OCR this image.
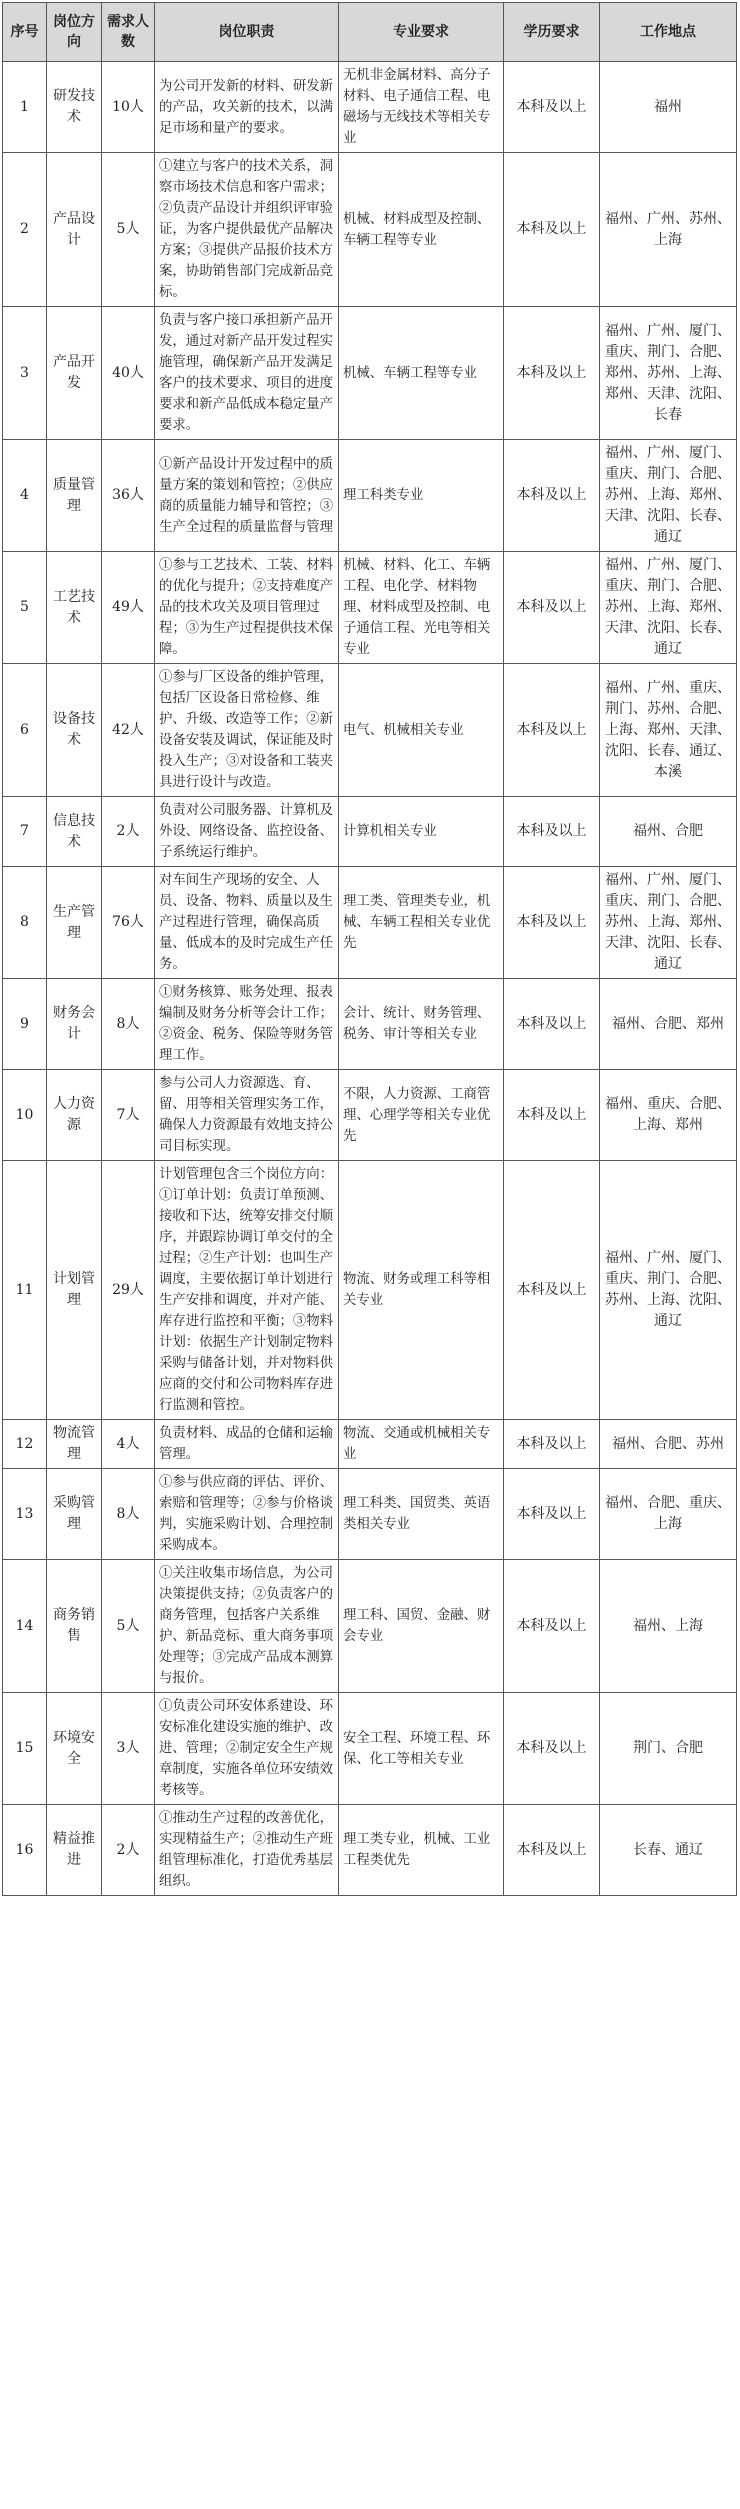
序号	岗位方向	需求人数	岗位职责	专业要求	学历要求	工作地点
1	研发技术	10人	为公司开发新的材料、研发新的产品，攻关新的技术，以满足市场和量产的要求。	无机非金属材料、高分子材料、电子通信工程、电磁场与无线技术等相关专业	本科及以上	福州
2	产品设计	5人	①建立与客户的技术关系，洞察市场技术信息和客户需求；②负责产品设计并组织评审验证，为客户提供最优产品解决方案；③提供产品报价技术方案，协助销售部门完成新品竞标。	机械、材料成型及控制、车辆工程等专业	本科及以上	福州、广州、苏州、上海
3	产品开发	40人	负责与客户接口承担新产品开发，通过对新产品开发过程实施管理，确保新产品开发满足客户的技术要求、项目的进度要求和新产品低成本稳定量产要求。	机械、车辆工程等专业	本科及以上	福州、广州、厦门、重庆、荆门、合肥、郑州、苏州、上海、郑州、天津、沈阳、长春
4	质量管理	36人	①新产品设计开发过程中的质量方案的策划和管控；②供应商的质量能力辅导和管控；③生产全过程的质量监督与管理	理工科类专业	本科及以上	福州、广州、厦门、重庆、荆门、合肥、苏州、上海、郑州、天津、沈阳、长春、通辽
5	工艺技术	49人	①参与工艺技术、工装、材料的优化与提升；②支持难度产品的技术攻关及项目管理过程；③为生产过程提供技术保障。	机械、材料、化工、车辆工程、电化学、材料物理、材料成型及控制、电子通信工程、光电等相关专业	本科及以上	福州、广州、厦门、重庆、荆门、合肥、苏州、上海、郑州、天津、沈阳、长春、通辽
6	设备技术	42人	①参与厂区设备的维护管理，包括厂区设备日常检修、维护、升级、改造等工作；②新设备安装及调试，保证能及时投入生产；③对设备和工装夹具进行设计与改造。	电气、机械相关专业	本科及以上	福州、广州、重庆、荆门、苏州、合肥、上海、郑州、天津、沈阳、长春、通辽、本溪
7	信息技术	2人	负责对公司服务器、计算机及外设、网络设备、监控设备、子系统运行维护。	计算机相关专业	本科及以上	福州、合肥
8	生产管理	76人	对车间生产现场的安全、人员、设备、物料、质量以及生产过程进行管理，确保高质量、低成本的及时完成生产任务。	理工类、管理类专业，机械、车辆工程相关专业优先	本科及以上	福州、广州、厦门、重庆、荆门、合肥、苏州、上海、郑州、天津、沈阳、长春、通辽
9	财务会计	8人	①财务核算、账务处理、报表编制及财务分析等会计工作；②资金、税务、保险等财务管理工作。	会计、统计、财务管理、税务、审计等相关专业	本科及以上	福州、合肥、郑州
10	人力资源	7人	参与公司人力资源选、育、留、用等相关管理实务工作，确保人力资源最有效地支持公司目标实现。	不限，人力资源、工商管理、心理学等相关专业优先	本科及以上	福州、重庆、合肥、上海、郑州
11	计划管理	29人	计划管理包含三个岗位方向：①订单计划：负责订单预测、接收和下达，统筹安排交付顺序，并跟踪协调订单交付的全过程；②生产计划：也叫生产调度，主要依据订单计划进行生产安排和调度，并对产能、库存进行监控和平衡；③物料计划：依据生产计划制定物料采购与储备计划，并对物料供应商的交付和公司物料库存进行监测和管控。	物流、财务或理工科等相关专业	本科及以上	福州、广州、厦门、重庆、荆门、合肥、苏州、上海、沈阳、通辽
12	物流管理	4人	负责材料、成品的仓储和运输管理。	物流、交通或机械相关专业	本科及以上	福州、合肥、苏州
13	采购管理	8人	①参与供应商的评估、评价、索赔和管理等；②参与价格谈判，实施采购计划、合理控制采购成本。	理工科类、国贸类、英语类相关专业	本科及以上	福州、合肥、重庆、上海
14	商务销售	5人	①关注收集市场信息，为公司决策提供支持；②负责客户的商务管理，包括客户关系维护、新品竞标、重大商务事项处理等；③完成产品成本测算与报价。	理工科、国贸、金融、财会专业	本科及以上	福州、上海
15	环境安全	3人	①负责公司环安体系建设、环安标准化建设实施的维护、改进、管理；②制定安全生产规章制度，实施各单位环安绩效考核等。	安全工程、环境工程、环保、化工等相关专业	本科及以上	荆门、合肥
16	精益推进	2人	①推动生产过程的改善优化，实现精益生产；②推动生产班组管理标准化，打造优秀基层组织。	理工类专业，机械、工业工程类优先	本科及以上	长春、通辽
